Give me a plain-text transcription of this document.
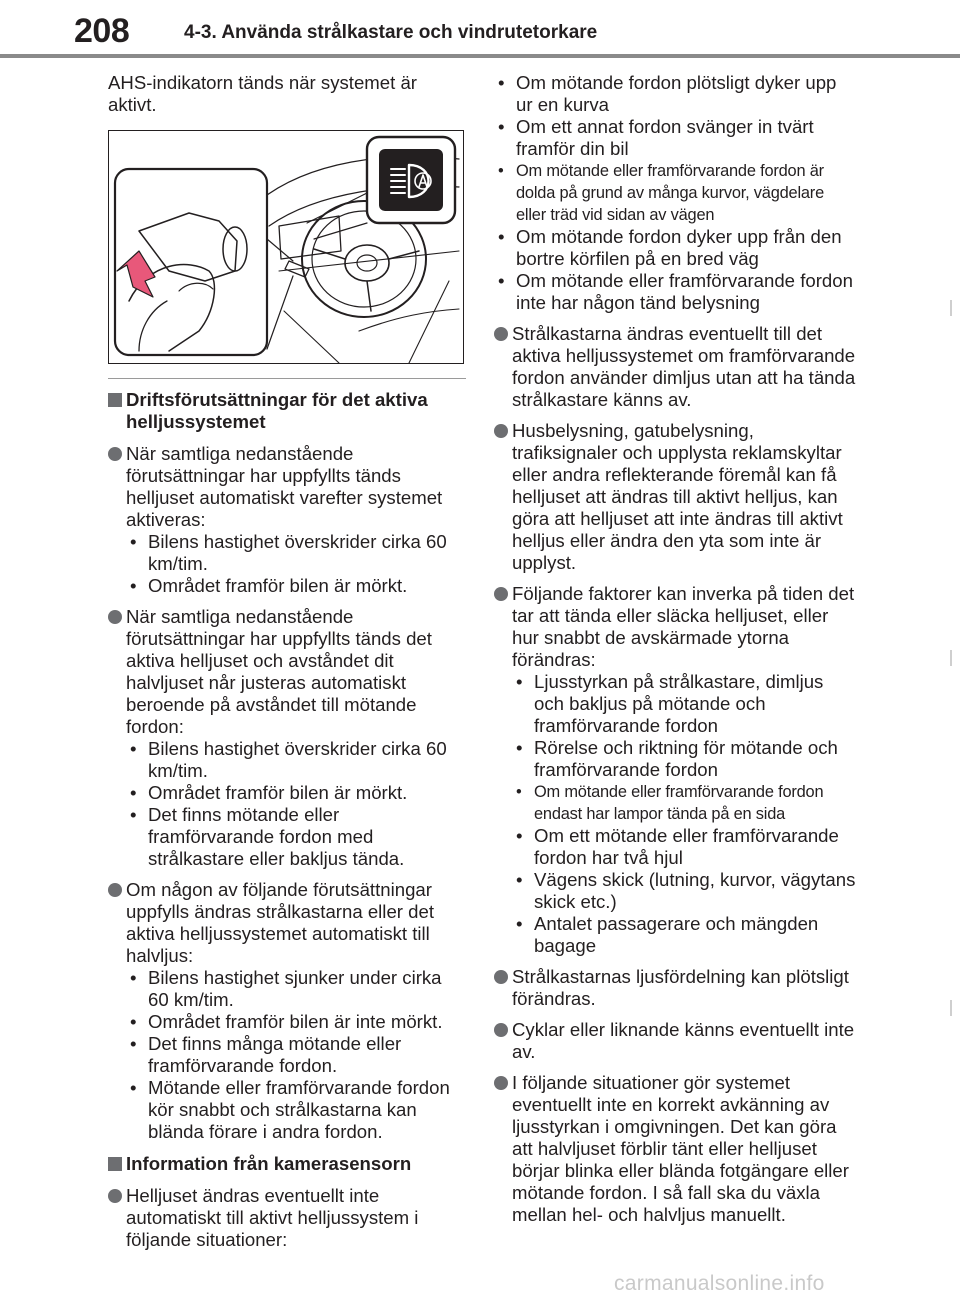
208	4-3. Använda strålkastare och vindrutetorkare

AHS-indikatorn tänds när systemet är aktivt.

Driftsförutsättningar för det aktiva helljussystemet

När samtliga nedanstående förutsättningar har uppfyllts tänds helljuset automatiskt varefter systemet aktiveras:

• Bilens hastighet överskrider cirka 60 km/tim.
• Området framför bilen är mörkt.

När samtliga nedanstående förutsättningar har uppfyllts tänds det aktiva helljuset och avståndet dit halvljuset når justeras automatiskt beroende på avståndet till mötande fordon:

• Bilens hastighet överskrider cirka 60 km/tim.
• Området framför bilen är mörkt.
• Det finns mötande eller framförvarande fordon med strålkastare eller bakljus tända.

Om någon av följande förutsättningar uppfylls ändras strålkastarna eller det aktiva helljussystemet automatiskt till halvljus:

• Bilens hastighet sjunker under cirka 60 km/tim.
• Området framför bilen är inte mörkt.
• Det finns många mötande eller framförvarande fordon.
• Mötande eller framförvarande fordon kör snabbt och strålkastarna kan blända förare i andra fordon.
Information från kamerasensorn

Helljuset ändras eventuellt inte automatiskt till aktivt helljussystem i följande situationer:

• Om mötande fordon plötsligt dyker upp ur en kurva
• Om ett annat fordon svänger in tvärt framför din bil
• Om mötande eller framförvarande fordon är dolda på grund av många kurvor, vägdelare eller träd vid sidan av vägen
• Om mötande fordon dyker upp från den bortre körfilen på en bred väg
• Om mötande eller framförvarande fordon inte har någon tänd belysning

Strålkastarna ändras eventuellt till det aktiva helljussystemet om framförvarande fordon använder dimljus utan att ha tända strålkastare känns av.

Husbelysning, gatubelysning, trafiksignaler och upplysta reklamskyltar eller andra reflekterande föremål kan få helljuset att ändras till aktivt helljus, kan göra att helljuset att inte ändras till aktivt helljus eller ändra den yta som inte är upplyst.

Följande faktorer kan inverka på tiden det tar att tända eller släcka helljuset, eller hur snabbt de avskärmade ytorna förändras:

• Ljusstyrkan på strålkastare, dimljus och bakljus på mötande och framförvarande fordon
• Rörelse och riktning för mötande och framförvarande fordon
• Om mötande eller framförvarande fordon endast har lampor tända på en sida
• Om ett mötande eller framförvarande fordon har två hjul
• Vägens skick (lutning, kurvor, vägytans skick etc.)
• Antalet passagerare och mängden bagage

Strålkastarnas ljusfördelning kan plötsligt förändras.

Cyklar eller liknande känns eventuellt inte av.

I följande situationer gör systemet eventuellt inte en korrekt avkänning av ljusstyrkan i omgivningen. Det kan göra att halvljuset förblir tänt eller helljuset börjar blinka eller blända fotgängare eller mötande fordon. I så fall ska du växla mellan hel- och halvljus manuellt.

carmanualsonline.info
